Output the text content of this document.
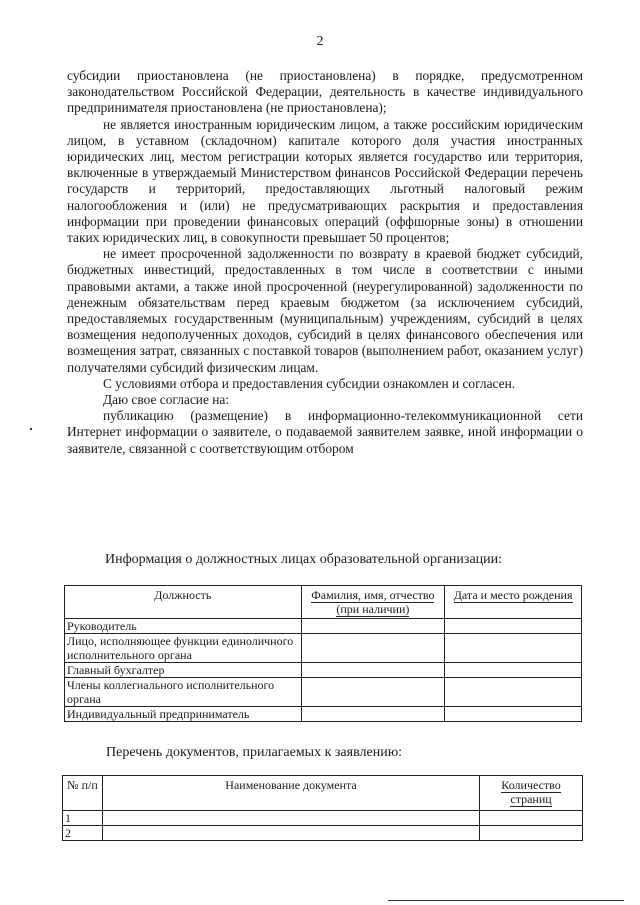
2

субсидии приостановлена (не приостановлена) в порядке, предусмотренном законодательством Российской Федерации, деятельность в качестве индивидуального предпринимателя приостановлена (не приостановлена);

не является иностранным юридическим лицом, а также российским юридическим лицом, в уставном (складочном) капитале которого доля участия иностранных юридических лиц, местом регистрации которых является государство или территория, включенные в утверждаемый Министерством финансов Российской Федерации перечень государств и территорий, предоставляющих льготный налоговый режим налогообложения и (или) не предусматривающих раскрытия и предоставления информации при проведении финансовых операций (оффшорные зоны) в отношении таких юридических лиц, в совокупности превышает 50 процентов;

не имеет просроченной задолженности по возврату в краевой бюджет субсидий, бюджетных инвестиций, предоставленных в том числе в соответствии с иными правовыми актами, а также иной просроченной (неурегулированной) задолженности по денежным обязательствам перед краевым бюджетом (за исключением субсидий, предоставляемых государственным (муниципальным) учреждениям, субсидий в целях возмещения недополученных доходов, субсидий в целях финансового обеспечения или возмещения затрат, связанных с поставкой товаров (выполнением работ, оказанием услуг) получателями субсидий физическим лицам.

С условиями отбора и предоставления субсидии ознакомлен и согласен.

Даю свое согласие на:

публикацию (размещение) в информационно-телекоммуникационной сети Интернет информации о заявителе, о подаваемой заявителем заявке, иной информации о заявителе, связанной с соответствующим отбором

Информация о должностных лицах образовательной организации:
Должность	Фамилия, имя, отчество (при наличии)	Дата и место рождения
Руководитель		
Лицо, исполняющее функции единоличного исполнительного органа		
Главный бухгалтер		
Члены коллегиального исполнительного органа		
Индивидуальный предприниматель		
Перечень документов, прилагаемых к заявлению:
№ п/п	Наименование документа	Количество страниц
1		
2		
